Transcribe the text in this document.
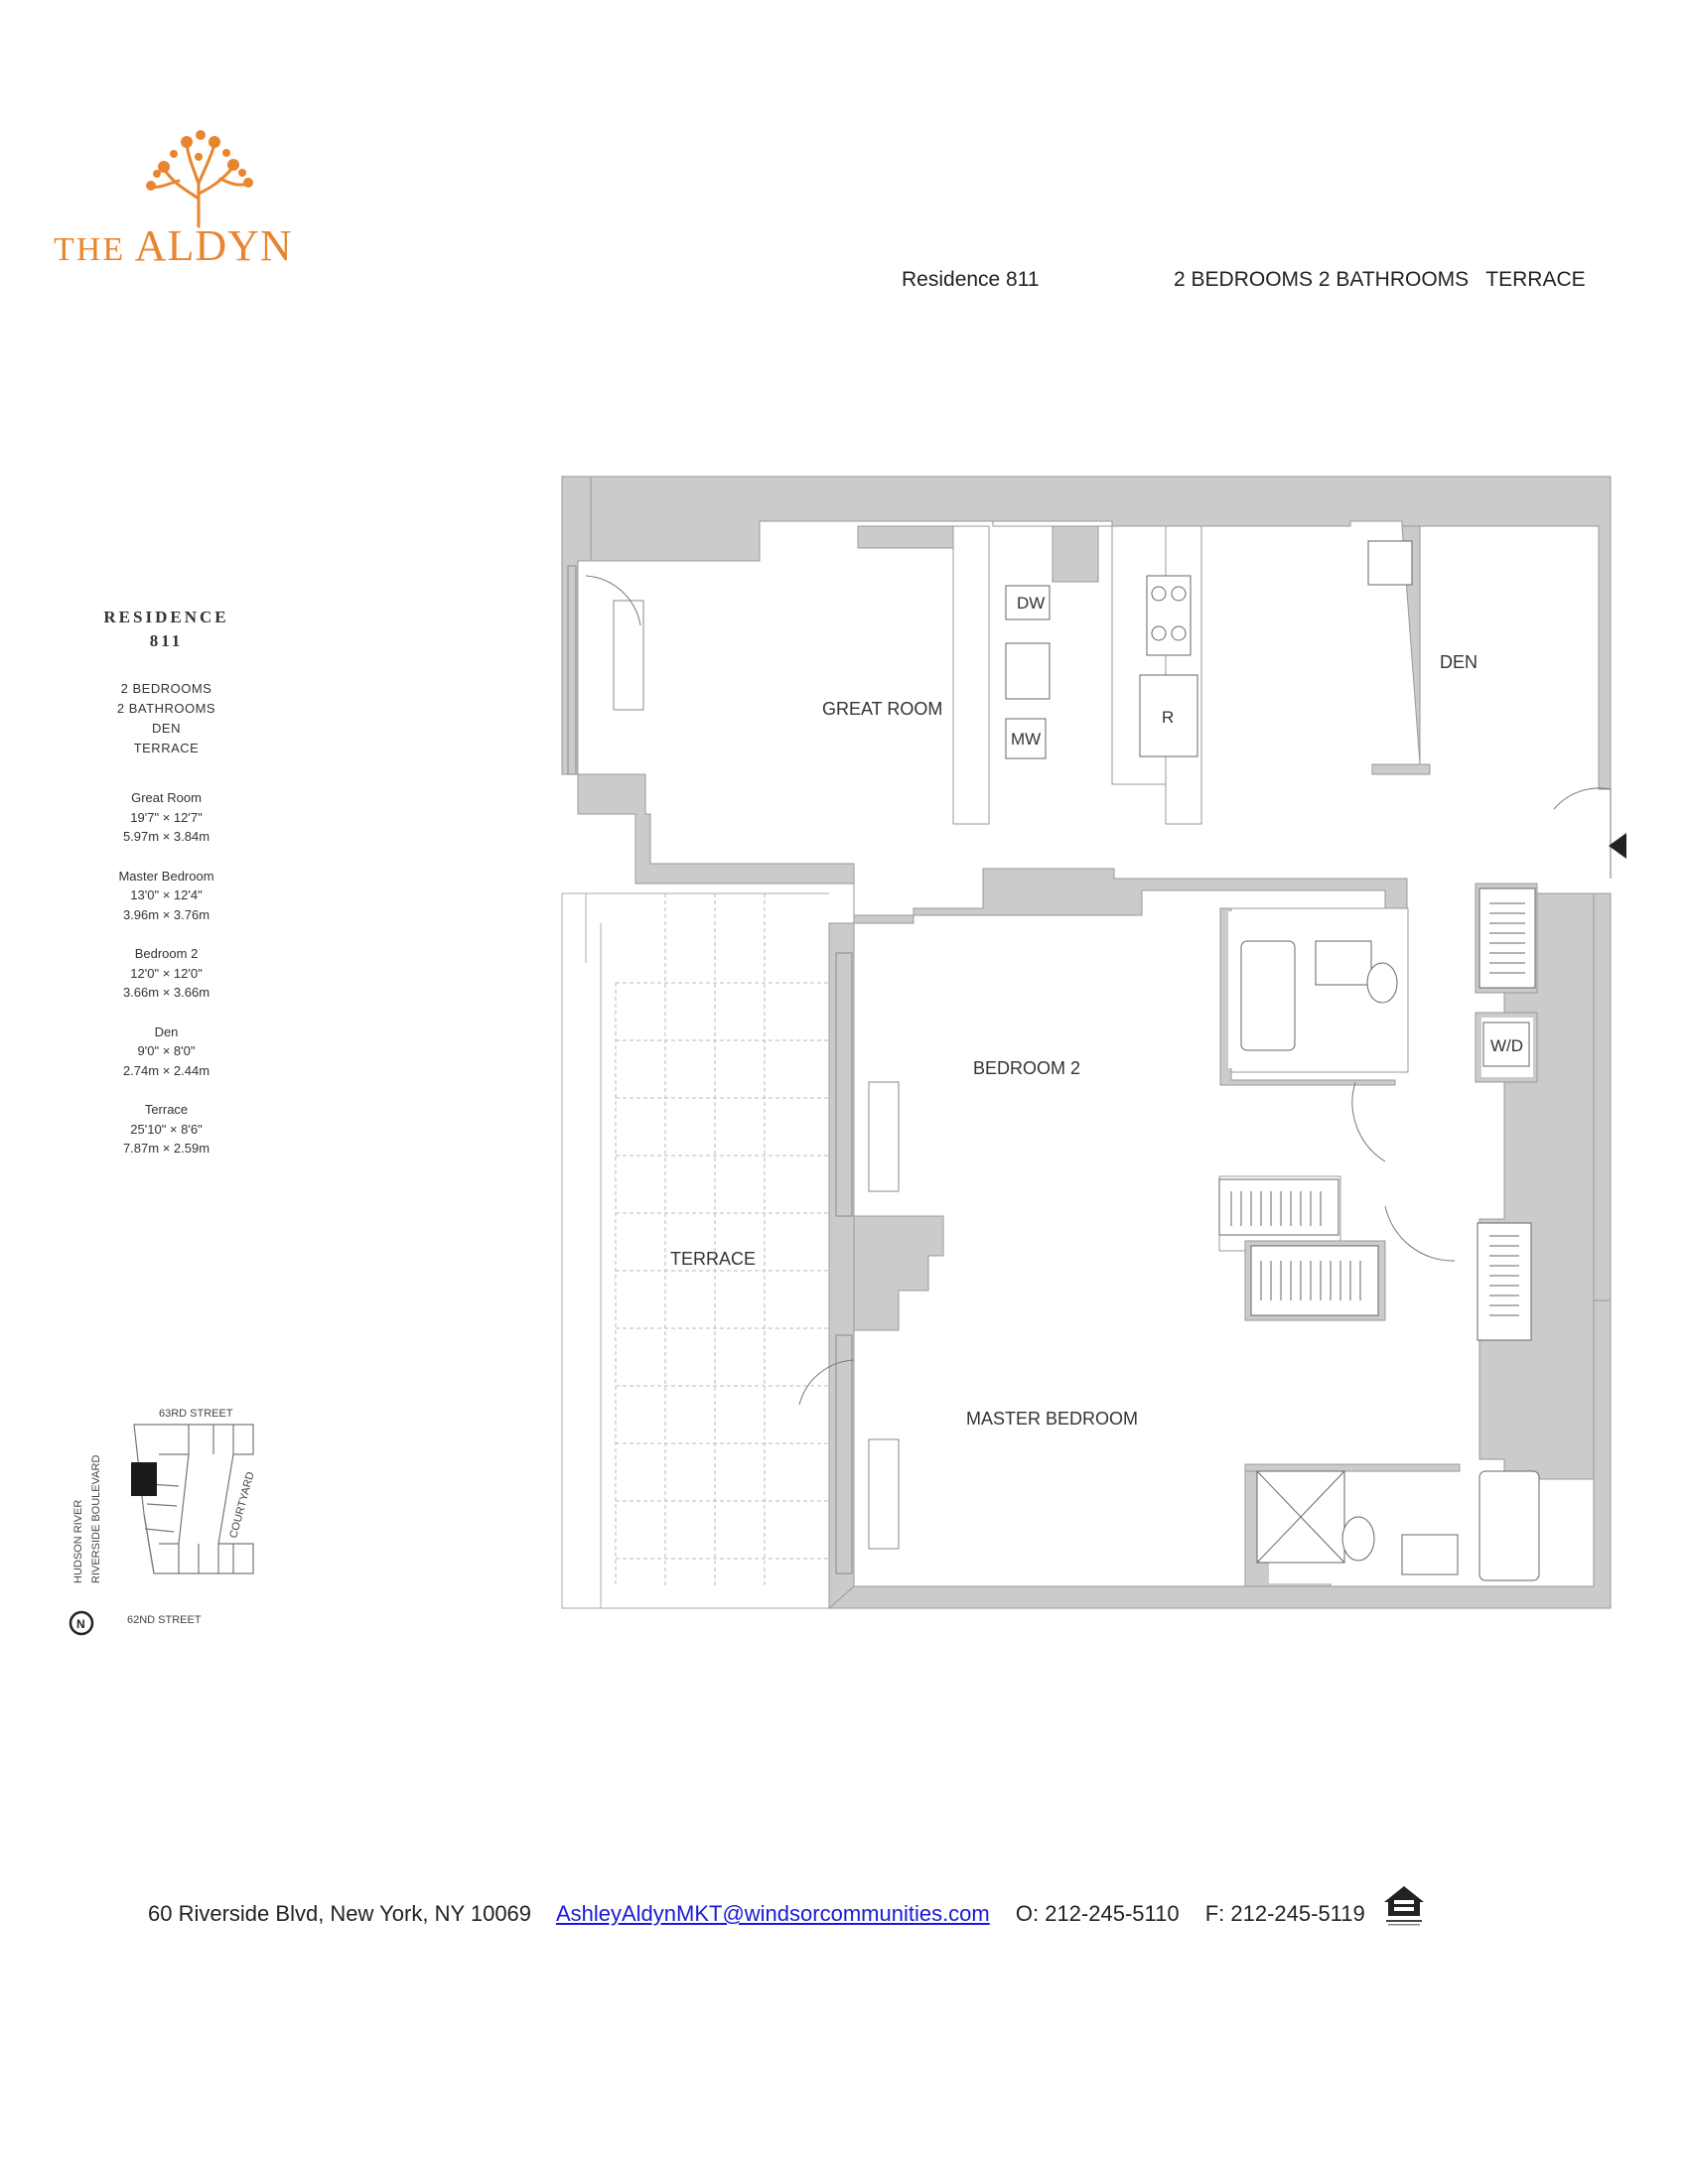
THE ALDYN
Residence 811	2 BEDROOMS 2 BATHROOMS   TERRACE
RESIDENCE
811
2 BEDROOMS
2 BATHROOMS
DEN
TERRACE
Great Room
19'7" × 12'7"
5.97m × 3.84m
Master Bedroom
13'0" × 12'4"
3.96m × 3.76m
Bedroom 2
12'0" × 12'0"
3.66m × 3.66m
Den
9'0" × 8'0"
2.74m × 2.44m
Terrace
25'10" × 8'6"
7.87m × 2.59m
63RD STREET
62ND STREET
HUDSON RIVER RIVERSIDE BOULEVARD	COURTYARD
N
DW
MW
R
W/D
GREAT ROOM
DEN
BEDROOM 2
MASTER BEDROOM
TERRACE
60 Riverside Blvd, New York, NY 10069 AshleyAldynMKT@windsorcommunities.com O: 212-245-5110 F: 212-245-5119
